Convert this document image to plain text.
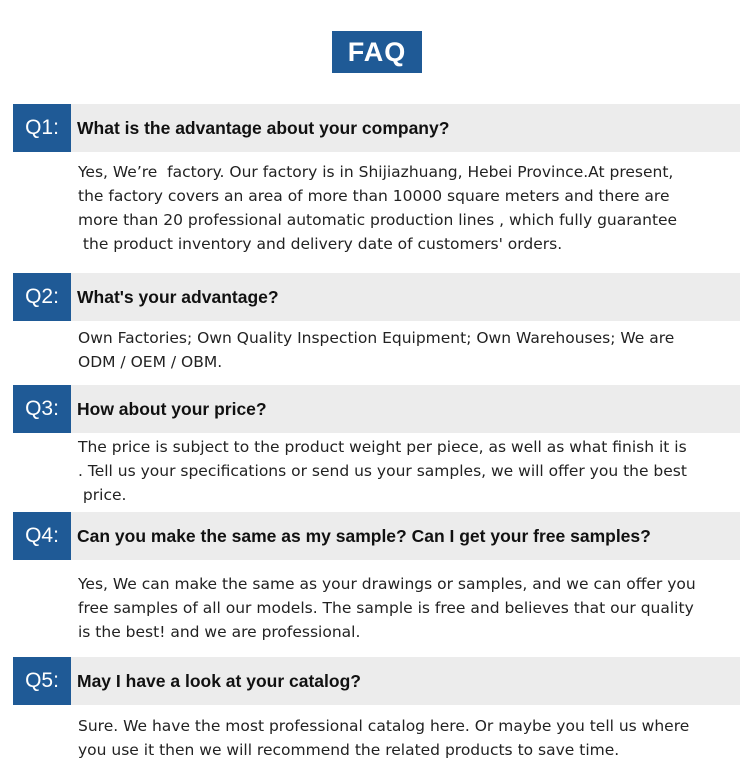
FAQ
Q1:	What is the advantage about your company?
Yes, We’re  factory. Our factory is in Shijiazhuang, Hebei Province.At present,
the factory covers an area of more than 10000 square meters and there are
more than 20 professional automatic production lines , which fully guarantee
the product inventory and delivery date of customers' orders.
Q2:	What's your advantage?
Own Factories; Own Quality Inspection Equipment; Own Warehouses; We are
ODM / OEM / OBM.
Q3:	How about your price?
The price is subject to the product weight per piece, as well as what finish it is
. Tell us your specifications or send us your samples, we will offer you the best
price.
Q4:	Can you make the same as my sample? Can I get your free samples?
Yes, We can make the same as your drawings or samples, and we can offer you
free samples of all our models. The sample is free and believes that our quality
is the best! and we are professional.
Q5:	May I have a look at your catalog?
Sure. We have the most professional catalog here. Or maybe you tell us where
you use it then we will recommend the related products to save time.
